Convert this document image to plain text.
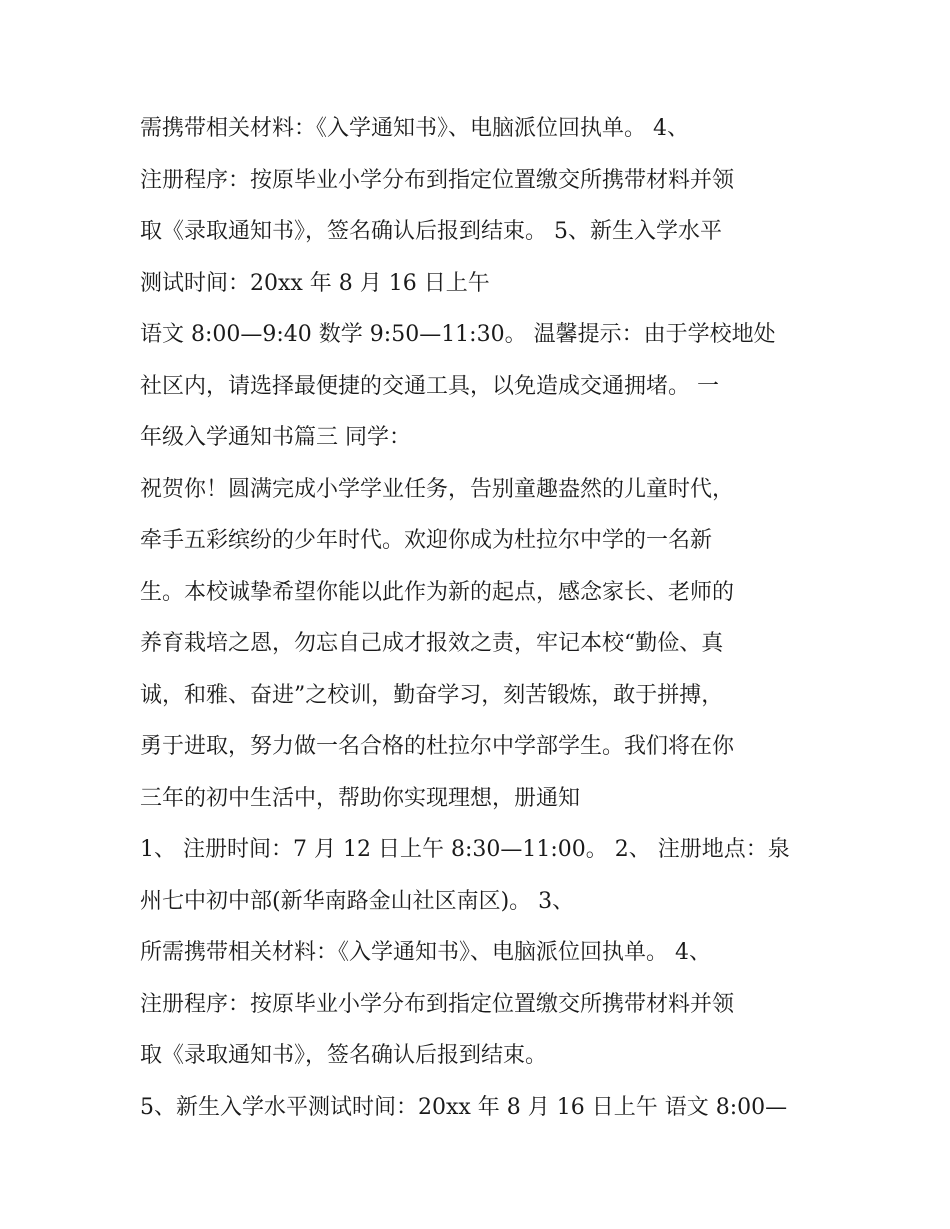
需携带相关材料：《入学通知书》、电脑派位回执单。 4、
注册程序：按原毕业小学分布到指定位置缴交所携带材料并领
取《录取通知书》，签名确认后报到结束。 5、新生入学水平
测试时间：20xx 年 8 月 16 日上午
语文 8:00—9:40 数学 9:50—11:30。 温馨提示：由于学校地处
社区内，请选择最便捷的交通工具，以免造成交通拥堵。 一
年级入学通知书篇三 同学：
祝贺你！圆满完成小学学业任务，告别童趣盎然的儿童时代，
牵手五彩缤纷的少年时代。欢迎你成为杜拉尔中学的一名新
生。本校诚挚希望你能以此作为新的起点，感念家长、老师的
养育栽培之恩，勿忘自己成才报效之责，牢记本校“勤俭、真
诚，和雅、奋进”之校训，勤奋学习，刻苦锻炼，敢于拼搏，
勇于进取，努力做一名合格的杜拉尔中学部学生。我们将在你
三年的初中生活中，帮助你实现理想，册通知
1、 注册时间：7 月 12 日上午 8:30—11:00。 2、 注册地点：泉
州七中初中部(新华南路金山社区南区)。 3、
所需携带相关材料：《入学通知书》、电脑派位回执单。 4、
注册程序：按原毕业小学分布到指定位置缴交所携带材料并领
取《录取通知书》，签名确认后报到结束。
5、新生入学水平测试时间：20xx 年 8 月 16 日上午 语文 8:00—
